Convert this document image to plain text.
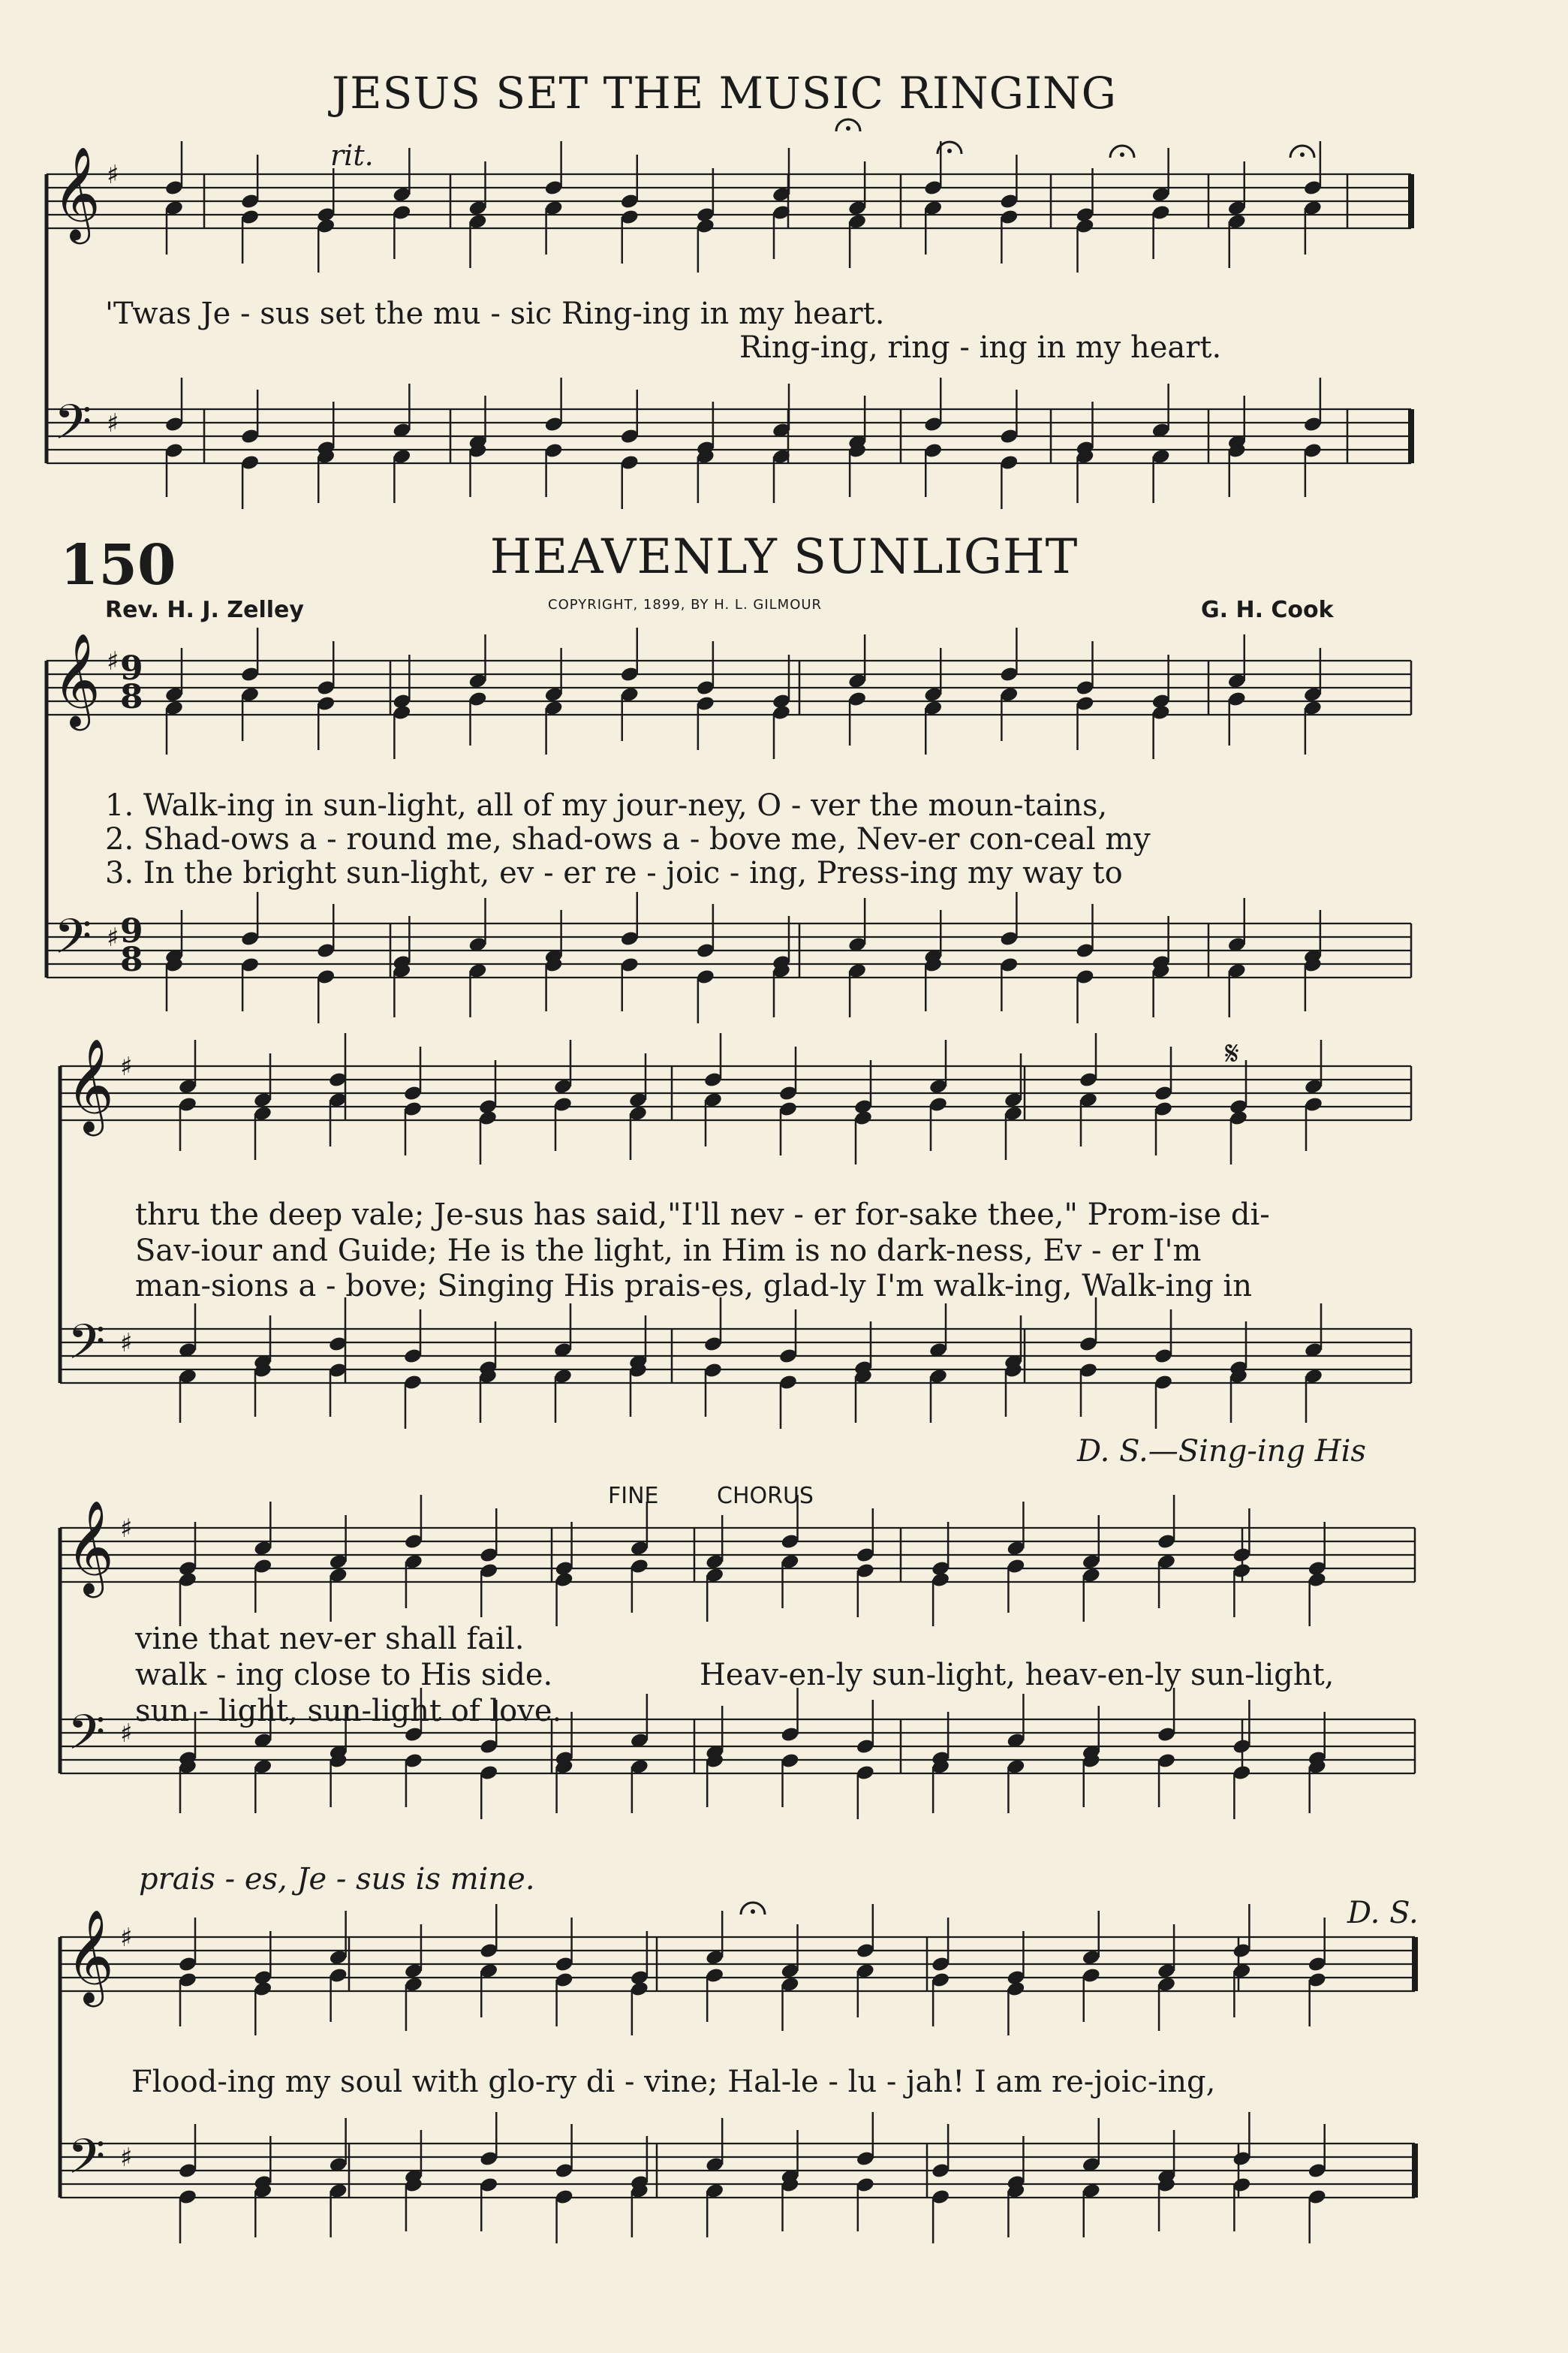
JESUS SET THE MUSIC RINGING
rit.
'Twas Je - sus set the mu - sic Ring-ing in my heart.
Ring-ing, ring - ing in my heart.
150	HEAVENLY SUNLIGHT
Rev. H. J. Zelley	COPYRIGHT, 1899, BY H. L. GILMOUR	G. H. Cook
1. Walk-ing in sun-light, all of my jour-ney, O - ver the moun-tains,
2. Shad-ows a - round me, shad-ows a - bove me, Nev-er con-ceal my
3. In the bright sun-light, ev - er re - joic - ing, Press-ing my way to
thru the deep vale; Je-sus has said,"I'll nev - er for-sake thee," Prom-ise di-
Sav-iour and Guide; He is the light, in Him is no dark-ness, Ev - er I'm
man-sions a - bove; Singing His prais-es, glad-ly I'm walk-ing, Walk-ing in
D. S.—Sing-ing His
FINE	CHORUS
vine that nev-er shall fail.
walk - ing close to His side.
sun - light, sun-light of love.
Heav-en-ly sun-light, heav-en-ly sun-light,
prais - es, Je - sus is mine.
D. S.
Flood-ing my soul with glo-ry di - vine; Hal-le - lu - jah! I am re-joic-ing,
𝄞
𝄢
♯
♯
𝄞
𝄢
♯
♯
𝄞
𝄢
♯
♯
𝄞
𝄢
♯
♯
𝄞
𝄢
♯
♯
9
8
9
8
𝄋
